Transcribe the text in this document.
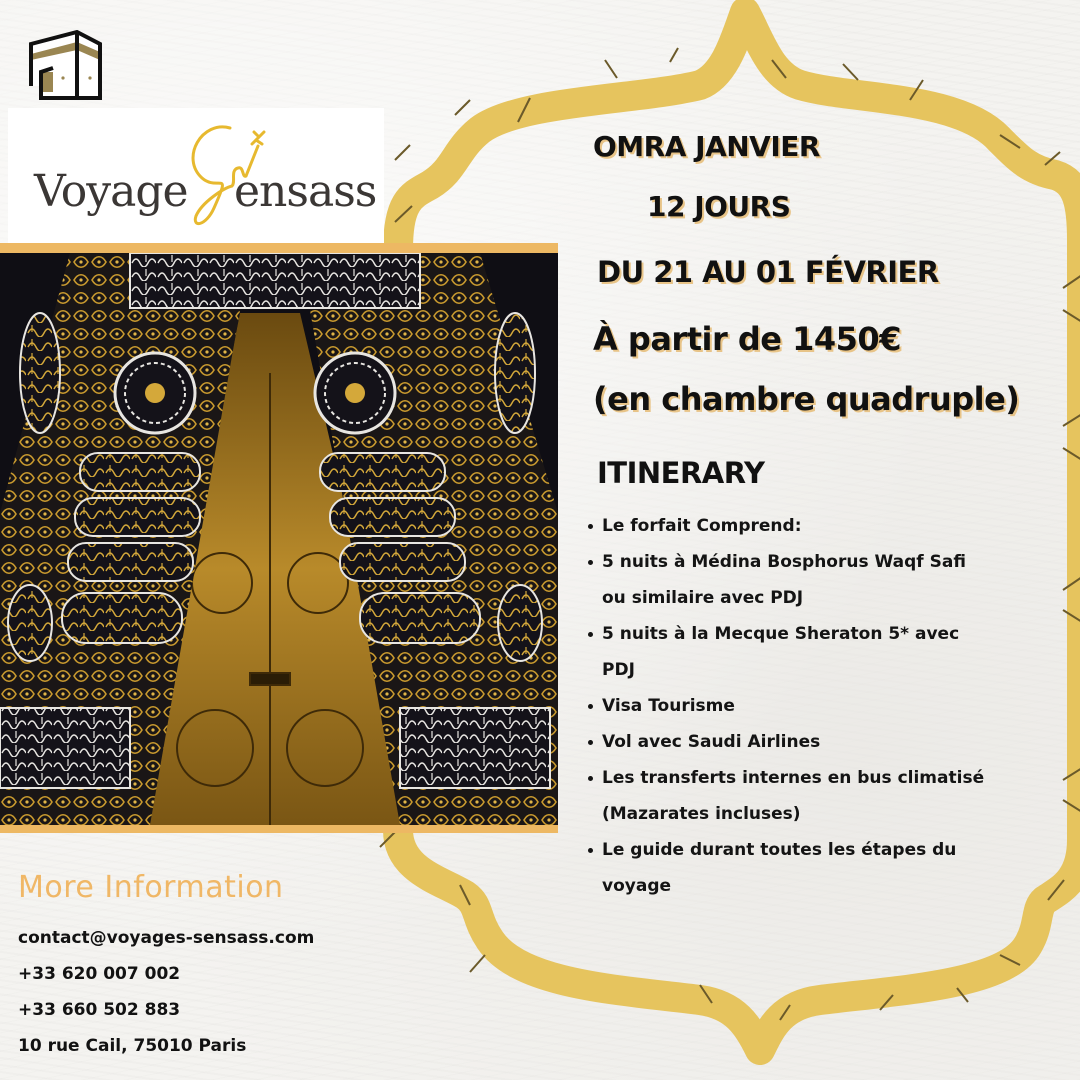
Voyage ensass
OMRA JANVIER
12 JOURS
DU 21 AU 01 FÉVRIER
À partir de 1450€
(en chambre quadruple)
ITINERARY
Le forfait Comprend:
5 nuits à Médina Bosphorus Waqf Safi
ou similaire avec PDJ
5 nuits à la Mecque Sheraton 5* avec
PDJ
Visa Tourisme
Vol avec Saudi Airlines
Les transferts internes en bus climatisé
(Mazarates incluses)
Le guide durant toutes les étapes du
voyage
More Information
contact@voyages-sensass.com
+33 620 007 002
+33 660 502 883
10 rue Cail, 75010 Paris
